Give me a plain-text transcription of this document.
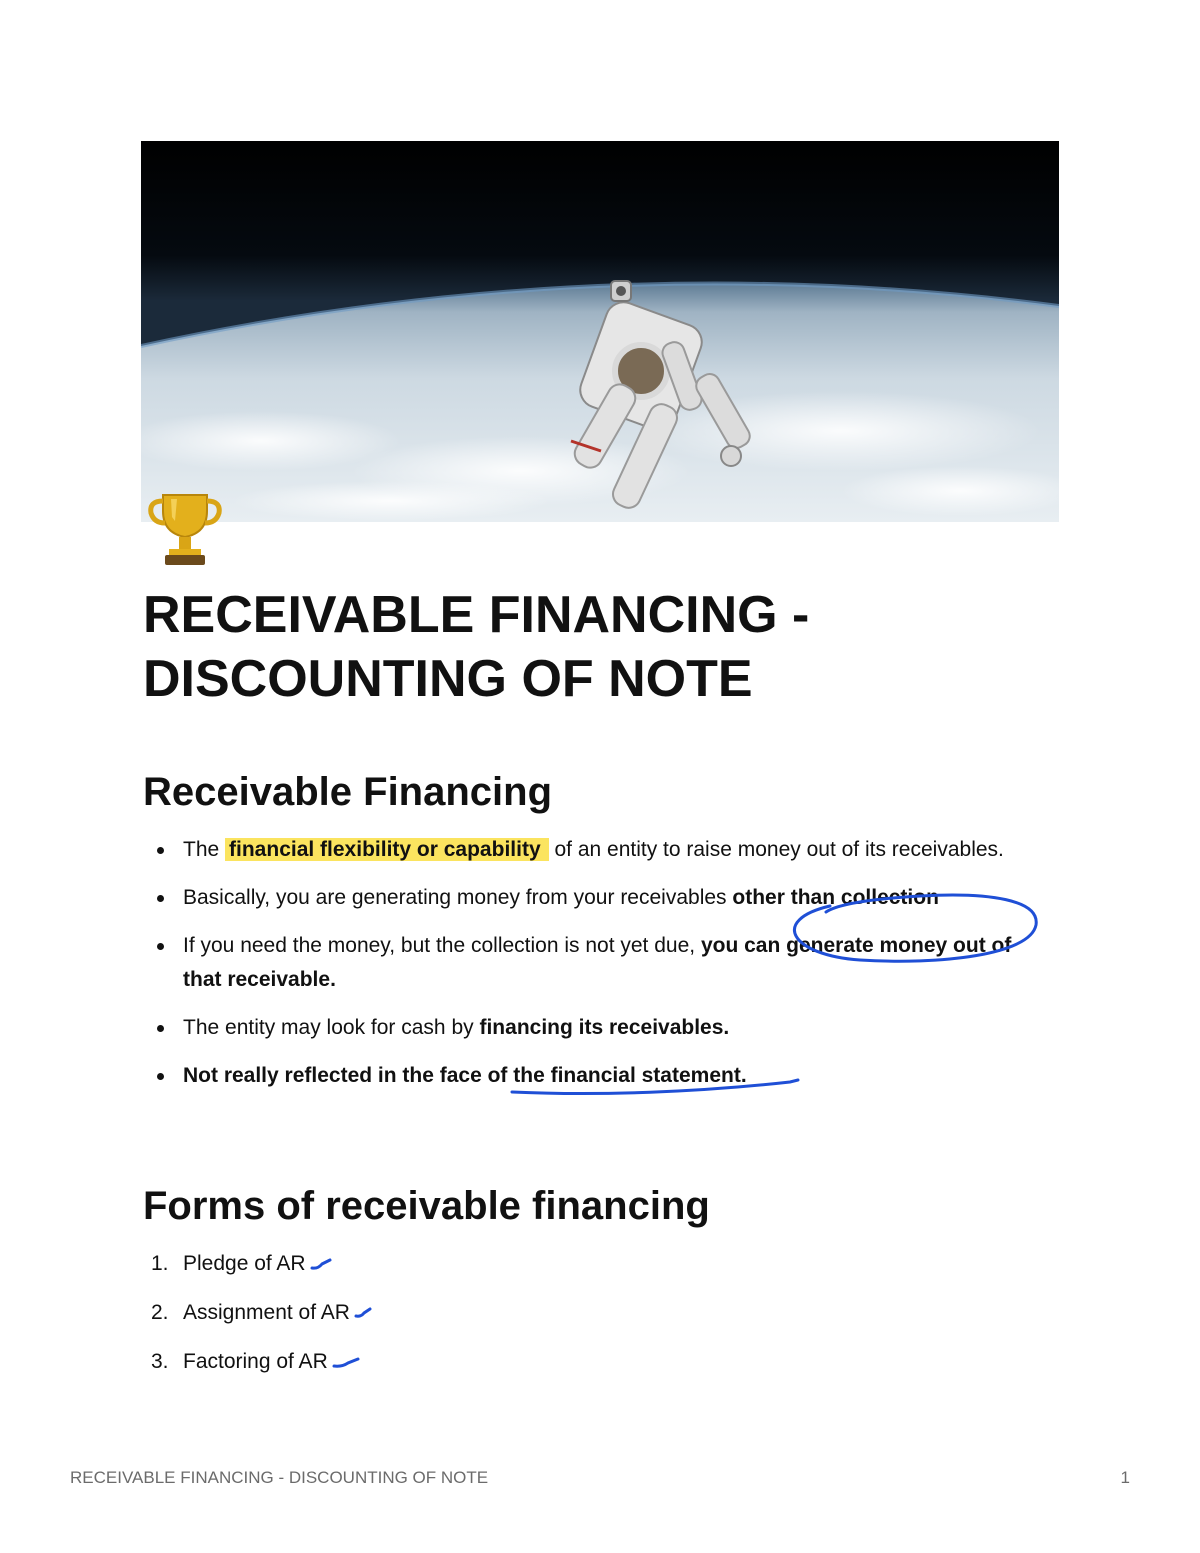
RECEIVABLE FINANCING - DISCOUNTING OF NOTE
Receivable Financing
The financial flexibility or capability of an entity to raise money out of its receivables.
Basically, you are generating money from your receivables other than collection
If you need the money, but the collection is not yet due, you can generate money out of that receivable.
The entity may look for cash by financing its receivables.
Not really reflected in the face of the financial statement.
Forms of receivable financing
1. Pledge of AR
2. Assignment of AR
3. Factoring of AR
RECEIVABLE FINANCING - DISCOUNTING OF NOTE	1
